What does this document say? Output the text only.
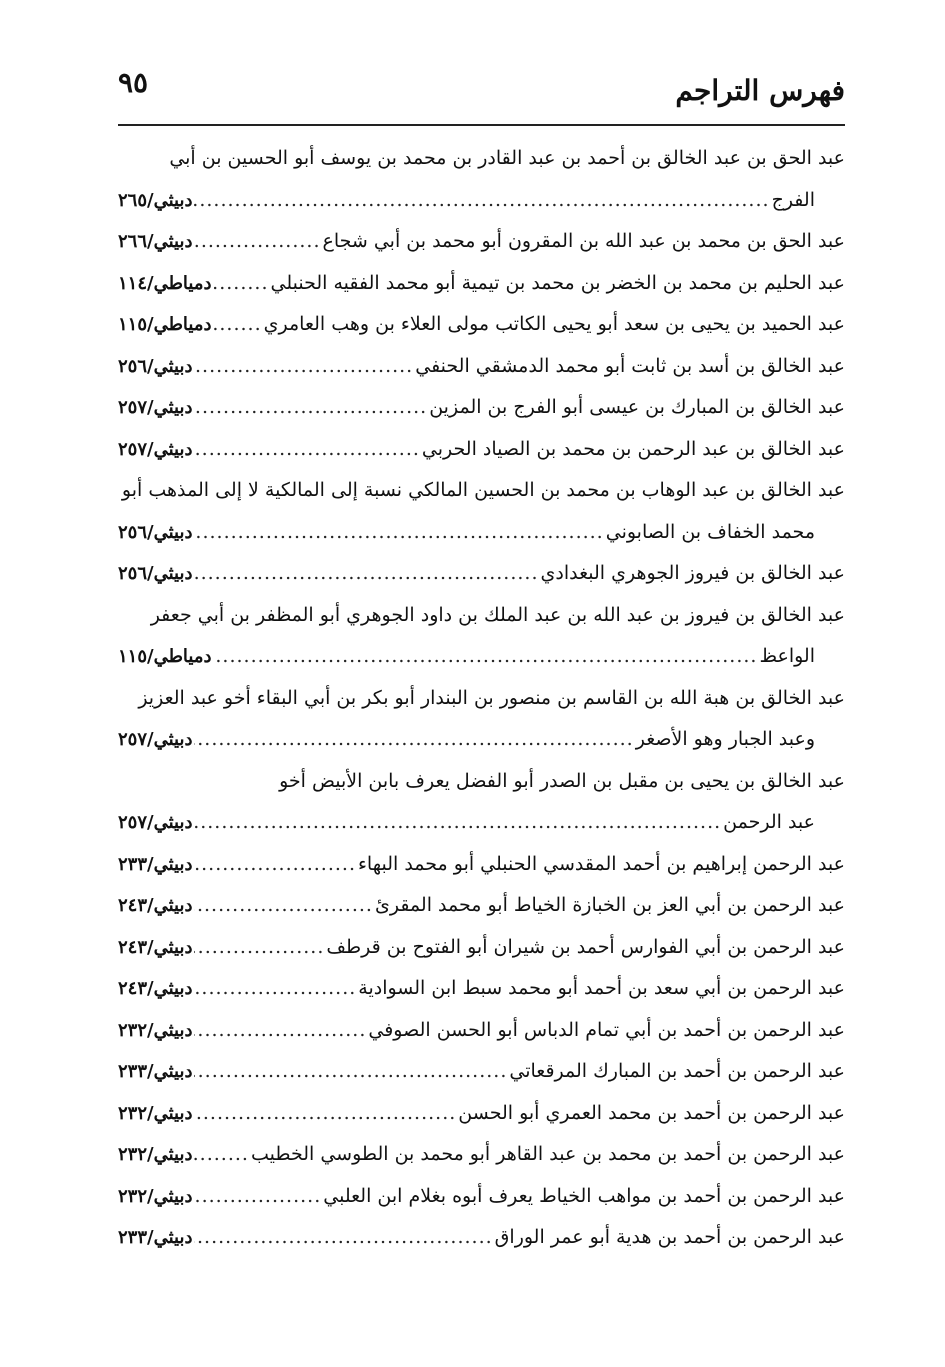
فهرس التراجم
٩٥
عبد الحق بن عبد الخالق بن أحمد بن عبد القادر بن محمد بن يوسف أبو الحسين بن أبي
الفرج
.....
دبيثي/٢٦٥
عبد الحق بن محمد بن عبد الله بن المقرون أبو محمد بن أبي شجاع
.....
دبيثي/٢٦٦
عبد الحليم بن محمد بن الخضر بن محمد بن تيمية أبو محمد الفقيه الحنبلي
.....
دمياطي/١١٤
عبد الحميد بن يحيى بن سعد أبو يحيى الكاتب مولى العلاء بن وهب العامري
.....
دمياطي/١١٥
عبد الخالق بن أسد بن ثابت أبو محمد الدمشقي الحنفي
.....
دبيثي/٢٥٦
عبد الخالق بن المبارك بن عيسى أبو الفرج بن المزين
.....
دبيثي/٢٥٧
عبد الخالق بن عبد الرحمن بن محمد بن الصياد الحربي
.....
دبيثي/٢٥٧
عبد الخالق بن عبد الوهاب بن محمد بن الحسين المالكي نسبة إلى المالكية لا إلى المذهب أبو
محمد الخفاف بن الصابوني
.....
دبيثي/٢٥٦
عبد الخالق بن فيروز الجوهري البغدادي
.....
دبيثي/٢٥٦
عبد الخالق بن فيروز بن عبد الله بن عبد الملك بن داود الجوهري أبو المظفر بن أبي جعفر
الواعظ
.....
دمياطي/١١٥
عبد الخالق بن هبة الله بن القاسم بن منصور بن البندار أبو بكر بن أبي البقاء أخو عبد العزيز
وعبد الجبار وهو الأصغر
.....
دبيثي/٢٥٧
عبد الخالق بن يحيى بن مقبل بن الصدر أبو الفضل يعرف بابن الأبيض أخو
عبد الرحمن
.....
دبيثي/٢٥٧
عبد الرحمن إبراهيم بن أحمد المقدسي الحنبلي أبو محمد البهاء
.....
دبيثي/٢٣٣
عبد الرحمن بن أبي العز بن الخبازة الخياط أبو محمد المقرئ
.....
دبيثي/٢٤٣
عبد الرحمن بن أبي الفوارس أحمد بن شيران أبو الفتوح بن قرطف
.....
دبيثي/٢٤٣
عبد الرحمن بن أبي سعد بن أحمد أبو محمد سبط ابن السوادية
.....
دبيثي/٢٤٣
عبد الرحمن بن أحمد بن أبي تمام الدباس أبو الحسن الصوفي
.....
دبيثي/٢٣٢
عبد الرحمن بن أحمد بن المبارك المرقعاتي
.....
دبيثي/٢٣٣
عبد الرحمن بن أحمد بن محمد العمري أبو الحسن
.....
دبيثي/٢٣٢
عبد الرحمن بن أحمد بن محمد بن عبد القاهر أبو محمد بن الطوسي الخطيب
.....
دبيثي/٢٣٢
عبد الرحمن بن أحمد بن مواهب الخياط يعرف أبوه بغلام ابن العلبي
.....
دبيثي/٢٣٢
عبد الرحمن بن أحمد بن هدية أبو عمر الوراق
.....
دبيثي/٢٣٣
